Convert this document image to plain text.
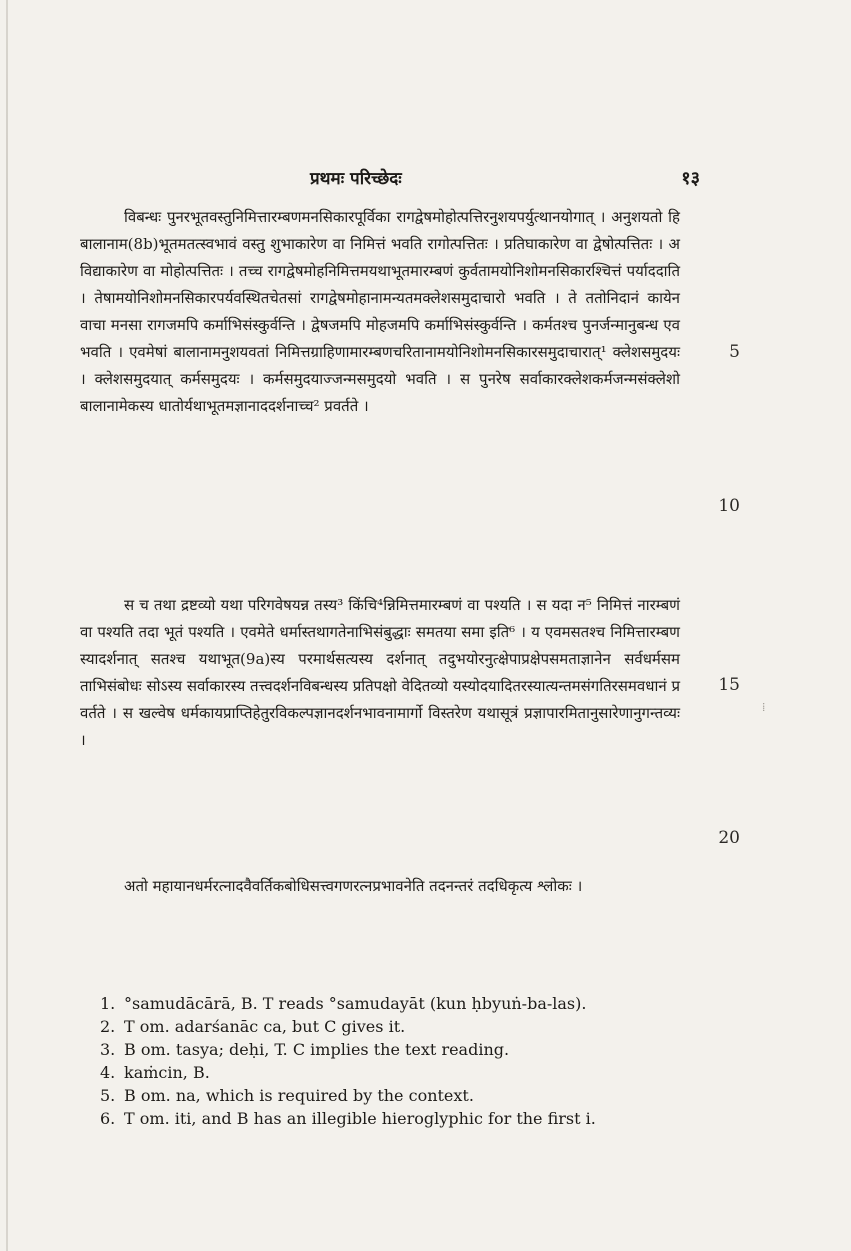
प्रथमः परिच्छेदः	१३

विबन्धः पुनरभूतवस्तुनिमित्तारम्बणमनसिकारपूर्विका रागद्वेषमोहोत्पत्तिरनुशयपर्युत्थानयोगात् । अनुशयतो हि बालानाम(8b)भूतमतत्स्वभावं वस्तु शुभाकारेण वा निमित्तं भवति रागोत्पत्तितः । प्रतिघाकारेण वा द्वेषोत्पत्तितः । अविद्याकारेण वा मोहोत्पत्तितः । तच्च रागद्वेषमोहनिमित्तमयथाभूतमारम्बणं कुर्वतामयोनिशोमनसिकारश्चित्तं पर्याददाति । तेषामयोनिशोमनसिकारपर्यवस्थितचेतसां रागद्वेषमोहानामन्यतमक्लेशसमुदाचारो भवति । ते ततोनिदानं कायेन वाचा मनसा रागजमपि कर्माभिसंस्कुर्वन्ति । द्वेषजमपि मोहजमपि कर्माभिसंस्कुर्वन्ति । कर्मतश्च पुनर्जन्मानुबन्ध एव भवति । एवमेषां बालानामनुशयवतां निमित्तग्राहिणामारम्बणचरितानामयोनिशोमनसिकारसमुदाचारात्¹ क्लेशसमुदयः । क्लेशसमुदयात् कर्मसमुदयः । कर्मसमुदयाज्जन्मसमुदयो भवति । स पुनरेष सर्वाकारक्लेशकर्मजन्मसंक्लेशो बालानामेकस्य धातोर्यथाभूतमज्ञानाददर्शनाच्च² प्रवर्तते ।

स च तथा द्रष्टव्यो यथा परिगवेषयन्न तस्य³ किंचि⁴न्निमित्तमारम्बणं वा पश्यति । स यदा न⁵ निमित्तं नारम्बणं वा पश्यति तदा भूतं पश्यति । एवमेते धर्मास्तथागतेनाभिसंबुद्धाः समतया समा इति⁶ । य एवमसतश्च निमित्तारम्बणस्यादर्शनात् सतश्च यथाभूत(9a)स्य परमार्थसत्यस्य दर्शनात् तदुभयोरनुत्क्षेपाप्रक्षेपसमताज्ञानेन सर्वधर्मसमताभिसंबोधः सोऽस्य सर्वाकारस्य तत्त्वदर्शनविबन्धस्य प्रतिपक्षो वेदितव्यो यस्योदयादितरस्यात्यन्तमसंगतिरसमवधानं प्रवर्तते । स खल्वेष धर्मकायप्राप्तिहेतुरविकल्पज्ञानदर्शनभावनामार्गो विस्तरेण यथासूत्रं प्रज्ञापारमितानुसारेणानुगन्तव्यः ।

अतो महायानधर्मरत्नादवैवर्तिकबोधिसत्त्वगणरत्नप्रभावनेति तदनन्तरं तदधिकृत्य श्लोकः ।

5
10
15
20

1. °samudācārā, B. T reads °samudayāt (kun ḥbyuṅ-ba-las).

2. T om. adarśanāc ca, but C gives it.

3. B om. tasya; deḥi, T. C implies the text reading.

4. kaṁcin, B.

5. B om. na, which is required by the context.

6. T om. iti, and B has an illegible hieroglyphic for the first i.

⁞
